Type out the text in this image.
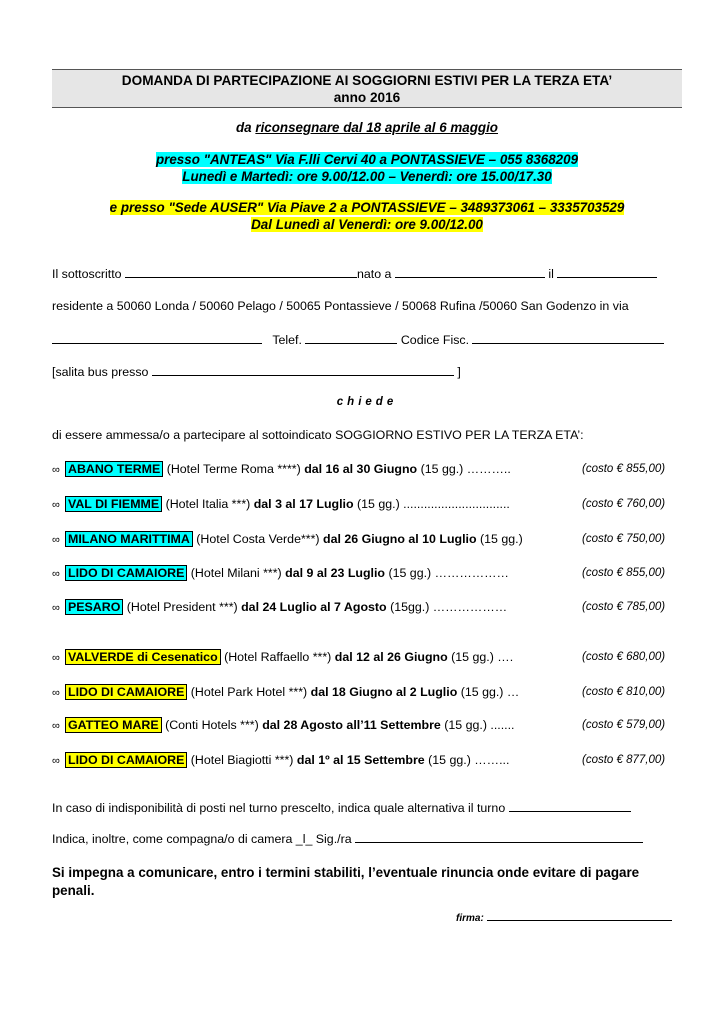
DOMANDA DI PARTECIPAZIONE AI SOGGIORNI ESTIVI PER LA TERZA ETA’
anno 2016
da riconsegnare dal 18 aprile al 6 maggio
presso "ANTEAS" Via F.lli Cervi 40 a PONTASSIEVE – 055 8368209
Lunedì e Martedì: ore 9.00/12.00 – Venerdì: ore 15.00/17.30
e presso "Sede AUSER" Via Piave 2 a PONTASSIEVE – 3489373061 – 3335703529
Dal Lunedì al Venerdì: ore 9.00/12.00
Il sottoscritto	nato a	il
residente a 50060 Londa / 50060 Pelago / 50065 Pontassieve / 50068 Rufina /50060 San Godenzo in via
Telef.	Codice Fisc.
[salita bus presso	]
chiede
di essere ammessa/o a partecipare al sottoindicato SOGGIORNO ESTIVO PER LA TERZA ETA’:
∞ ABANO TERME (Hotel Terme Roma ****) dal 16 al 30 Giugno (15 gg.) ………..	(costo € 855,00)
∞ VAL DI FIEMME (Hotel Italia ***) dal 3 al 17 Luglio (15 gg.) ...............................	(costo € 760,00)
∞ MILANO MARITTIMA (Hotel Costa Verde***) dal 26 Giugno al 10 Luglio (15 gg.)	(costo € 750,00)
∞ LIDO DI CAMAIORE (Hotel Milani ***) dal 9 al 23 Luglio (15 gg.) ………………	(costo € 855,00)
∞ PESARO (Hotel President ***) dal 24 Luglio al 7 Agosto (15gg.) ………………	(costo € 785,00)
∞ VALVERDE di Cesenatico (Hotel Raffaello ***) dal 12 al 26 Giugno (15 gg.) ….	(costo € 680,00)
∞ LIDO DI CAMAIORE (Hotel Park Hotel ***) dal 18 Giugno al 2 Luglio (15 gg.) …	(costo € 810,00)
∞ GATTEO MARE (Conti Hotels ***) dal 28 Agosto all’11 Settembre (15 gg.) .......	(costo € 579,00)
∞ LIDO DI CAMAIORE (Hotel Biagiotti ***) dal 1º al 15 Settembre (15 gg.) ……...	(costo € 877,00)
In caso di indisponibilità di posti nel turno prescelto, indica quale alternativa il turno
Indica, inoltre, come compagna/o di camera _l_ Sig./ra
Si impegna a comunicare, entro i termini stabiliti, l’eventuale rinuncia onde evitare di pagare penali.
firma:
